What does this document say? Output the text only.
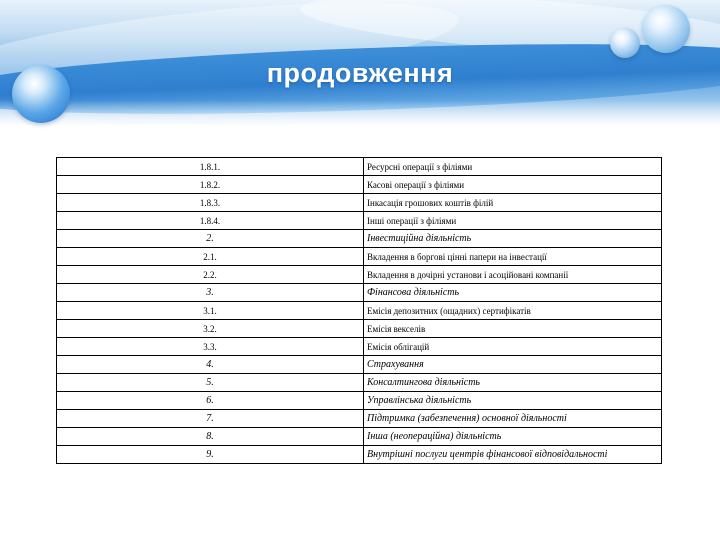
продовження
1.8.1.	Ресурсні операції з філіями
1.8.2.	Касові операції з філіями
1.8.3.	Інкасація грошових коштів філій
1.8.4.	Інші операції з філіями
2.	Інвестиційна діяльність
2.1.	Вкладення в боргові цінні папери на інвестації
2.2.	Вкладення в дочірні установи і асоційовані компанії
3.	Фінансова діяльність
3.1.	Емісія депозитних (ощадних) сертифікатів
3.2.	Емісія векселів
3.3.	Емісія облігацій
4.	Страхування
5.	Консалтингова діяльність
6.	Управлінська діяльність
7.	Підтримка (забезпечення) основної діяльності
8.	Інша (неопераційна) діяльність
9.	Внутрішні послуги центрів фінансової відповідальності
